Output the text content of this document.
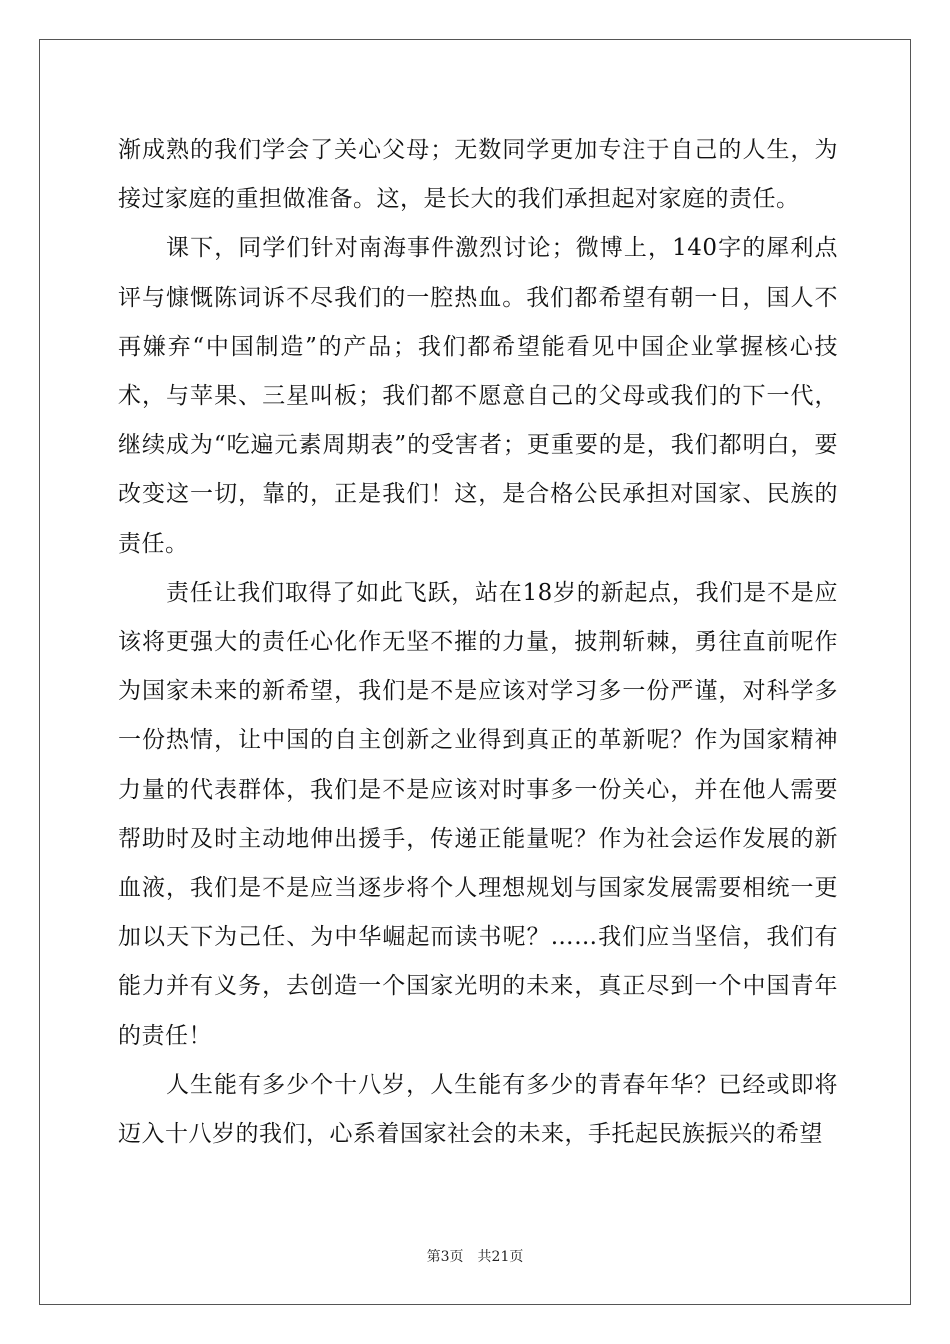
渐成熟的我们学会了关心父母；无数同学更加专注于自己的人生，为接过家庭的重担做准备。这，是长大的我们承担起对家庭的责任。

课下，同学们针对南海事件激烈讨论；微博上，140字的犀利点评与慷慨陈词诉不尽我们的一腔热血。我们都希望有朝一日，国人不再嫌弃“中国制造”的产品；我们都希望能看见中国企业掌握核心技术，与苹果、三星叫板；我们都不愿意自己的父母或我们的下一代，继续成为“吃遍元素周期表”的受害者；更重要的是，我们都明白，要改变这一切，靠的，正是我们！这，是合格公民承担对国家、民族的责任。

责任让我们取得了如此飞跃，站在18岁的新起点，我们是不是应该将更强大的责任心化作无坚不摧的力量，披荆斩棘，勇往直前呢作为国家未来的新希望，我们是不是应该对学习多一份严谨，对科学多一份热情，让中国的自主创新之业得到真正的革新呢？作为国家精神力量的代表群体，我们是不是应该对时事多一份关心，并在他人需要帮助时及时主动地伸出援手，传递正能量呢？作为社会运作发展的新血液，我们是不是应当逐步将个人理想规划与国家发展需要相统一更加以天下为己任、为中华崛起而读书呢？……我们应当坚信，我们有能力并有义务，去创造一个国家光明的未来，真正尽到一个中国青年的责任！

人生能有多少个十八岁，人生能有多少的青春年华？已经或即将迈入十八岁的我们，心系着国家社会的未来，手托起民族振兴的希望

第3页 共21页
